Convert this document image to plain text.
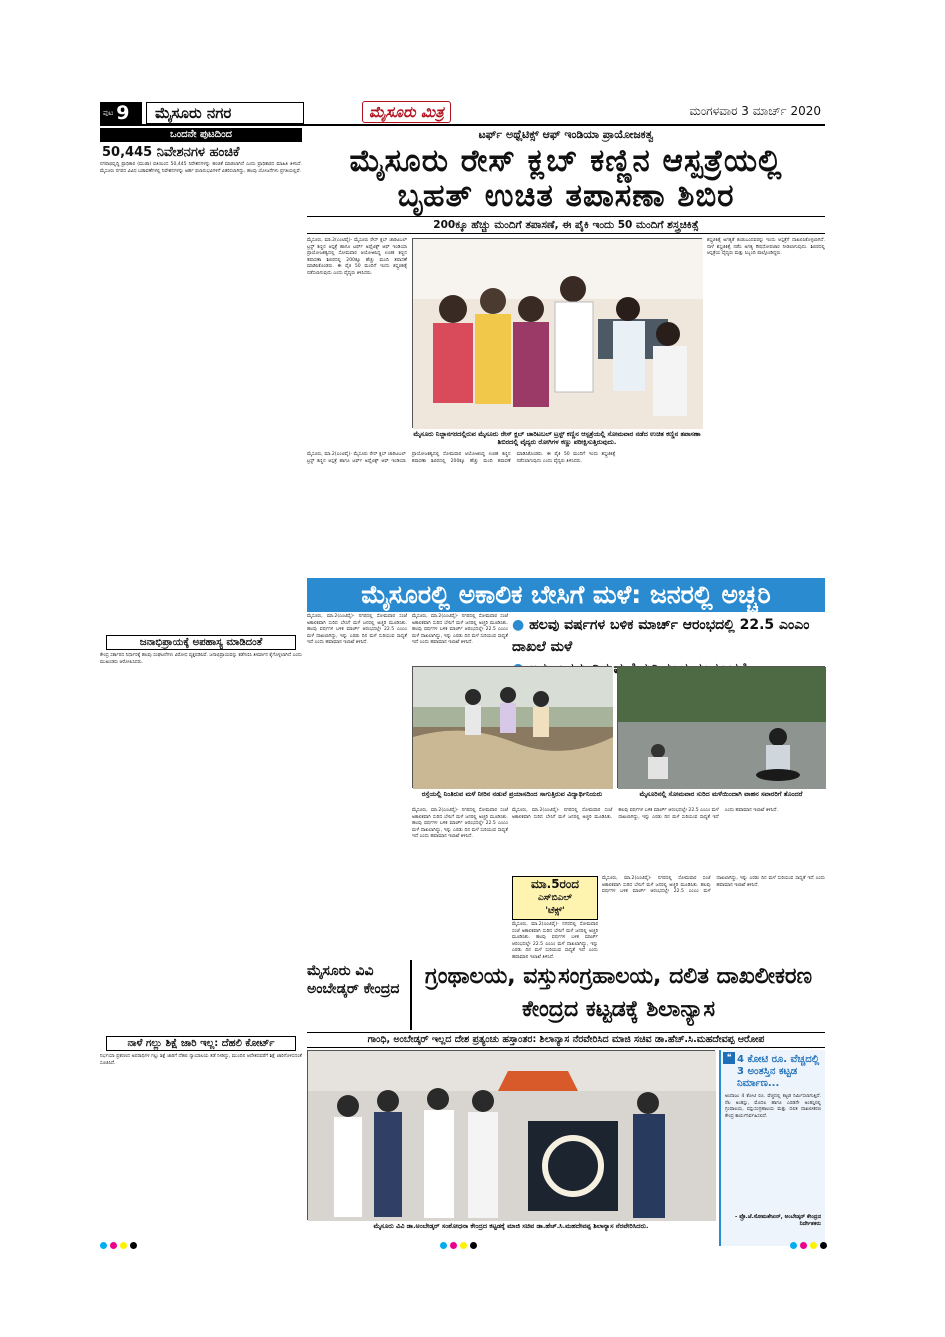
ಪುಟ 9	ಮೈಸೂರು ನಗರ	ಮೈಸೂರು ಮಿತ್ರ	ಮಂಗಳವಾರ 3 ಮಾರ್ಚ್ 2020
ಒಂದನೇ ಪುಟದಿಂದ
50,445 ನಿವೇಶನಗಳ ಹಂಚಿಕೆ

ನಗರಾಭಿವೃದ್ಧಿ ಪ್ರಾಧಿಕಾರ (ಮುಡಾ) ವತಿಯಿಂದ 50,445 ನಿವೇಶನಗಳನ್ನು ಹಂಚಿಕೆ ಮಾಡಲಾಗಿದೆ ಎಂದು ಪ್ರಾಧಿಕಾರದ ಮಾಹಿತಿ ತಿಳಿಸಿದೆ. ಮೈಸೂರು ನಗರದ ವಿವಿಧ ಬಡಾವಣೆಗಳಲ್ಲಿ ನಿವೇಶನಗಳನ್ನು ಅರ್ಹ ಫಲಾನುಭವಿಗಳಿಗೆ ವಿತರಿಸಲಾಗಿದ್ದು, ಹಲವು ಯೋಜನೆಗಳು ಪ್ರಗತಿಯಲ್ಲಿವೆ.

ಜನಾಭಿಪ್ರಾಯಕ್ಕೆ ಅಪಹಾಸ್ಯ ಮಾಡಿದಂತೆ

ಕೇಂದ್ರ ಸರ್ಕಾರದ ನಿರ್ಧಾರಕ್ಕೆ ಹಲವು ಸಂಘಟನೆಗಳು ವಿರೋಧ ವ್ಯಕ್ತಪಡಿಸಿವೆ. ಜನಾಭಿಪ್ರಾಯವನ್ನು ಕಡೆಗಣಿಸಿ ತೀರ್ಮಾನ ಕೈಗೊಳ್ಳಲಾಗಿದೆ ಎಂದು ಮುಖಂಡರು ಆರೋಪಿಸಿದರು.

ನಾಳೆ ಗಲ್ಲು ಶಿಕ್ಷೆ ಜಾರಿ ಇಲ್ಲ: ದೆಹಲಿ ಕೋರ್ಟ್

ನಿರ್ಭಯಾ ಪ್ರಕರಣದ ಅಪರಾಧಿಗಳ ಗಲ್ಲು ಶಿಕ್ಷೆ ಜಾರಿಗೆ ದೆಹಲಿ ನ್ಯಾಯಾಲಯ ತಡೆ ನೀಡಿದ್ದು, ಮುಂದಿನ ಆದೇಶದವರೆಗೆ ಶಿಕ್ಷೆ ಜಾರಿಗೊಳಿಸದಂತೆ ಸೂಚಿಸಿದೆ.

ಟರ್ಫ್ ಅಥ್ಲೆಟಿಕ್ಸ್ ಆಫ್ ಇಂಡಿಯಾ ಪ್ರಾಯೋಜಕತ್ವ
ಮೈಸೂರು ರೇಸ್ ಕ್ಲಬ್ ಕಣ್ಣಿನ ಆಸ್ಪತ್ರೆಯಲ್ಲಿ ಬೃಹತ್ ಉಚಿತ ತಪಾಸಣಾ ಶಿಬಿರ
200ಕ್ಕೂ ಹೆಚ್ಚು ಮಂದಿಗೆ ತಪಾಸಣೆ, ಈ ಪೈಕಿ ಇಂದು 50 ಮಂದಿಗೆ ಶಸ್ತ್ರಚಿಕಿತ್ಸೆ

ಮೈಸೂರು, ಮಾ.2(ಎಂಟಿವೈ)- ಮೈಸೂರು ರೇಸ್ ಕ್ಲಬ್ ಚಾರಿಟಬಲ್ ಟ್ರಸ್ಟ್ ಕಣ್ಣಿನ ಆಸ್ಪತ್ರೆ ಹಾಗೂ ಟರ್ಫ್ ಅಥ್ಲೆಟಿಕ್ಸ್ ಆಫ್ ಇಂಡಿಯಾ ಪ್ರಾಯೋಜಕತ್ವದಲ್ಲಿ ಸೋಮವಾರ ಆಯೋಜಿಸಿದ್ದ ಉಚಿತ ಕಣ್ಣಿನ ತಪಾಸಣಾ ಶಿಬಿರದಲ್ಲಿ 200ಕ್ಕೂ ಹೆಚ್ಚು ಮಂದಿ ತಪಾಸಣೆ ಮಾಡಿಸಿಕೊಂಡರು. ಈ ಪೈಕಿ 50 ಮಂದಿಗೆ ಇಂದು ಶಸ್ತ್ರಚಿಕಿತ್ಸೆ ನಡೆಸಲಾಗುವುದು ಎಂದು ವೈದ್ಯರು ತಿಳಿಸಿದರು.

ಮೈಸೂರು ನಿಜ್ಜಾನಗರದಲ್ಲಿರುವ ಮೈಸೂರು ರೇಸ್ ಕ್ಲಬ್ ಚಾರಿಟಬಲ್ ಟ್ರಸ್ಟ್ ಕಣ್ಣಿನ ಆಸ್ಪತ್ರೆಯಲ್ಲಿ ಸೋಮವಾರ ನಡೆದ ಉಚಿತ ಕಣ್ಣಿನ ತಪಾಸಣಾ ಶಿಬಿರದಲ್ಲಿ ವೈದ್ಯರು ರೋಗಿಗಳ ಕಣ್ಣು ಪರೀಕ್ಷಿಸುತ್ತಿರುವುದು.

ಶಸ್ತ್ರಚಿಕಿತ್ಸೆ ಅಗತ್ಯತೆ ಕಂಡುಬಂದವರನ್ನು ಇಂದು ಆಸ್ಪತ್ರೆಗೆ ದಾಖಲಿಸಿಕೊಳ್ಳಲಾಗಿದೆ. ನಾಳೆ ಶಸ್ತ್ರಚಿಕಿತ್ಸೆ ನಡೆಸಿ ಅಗತ್ಯ ಔಷಧೋಪಚಾರ ನೀಡಲಾಗುವುದು. ಶಿಬಿರದಲ್ಲಿ ಆಸ್ಪತ್ರೆಯ ವೈದ್ಯರು ಮತ್ತು ಸಿಬ್ಬಂದಿ ಪಾಲ್ಗೊಂಡಿದ್ದರು.

ಮೈಸೂರು, ಮಾ.2(ಎಂಟಿವೈ)- ಮೈಸೂರು ರೇಸ್ ಕ್ಲಬ್ ಚಾರಿಟಬಲ್ ಟ್ರಸ್ಟ್ ಕಣ್ಣಿನ ಆಸ್ಪತ್ರೆ ಹಾಗೂ ಟರ್ಫ್ ಅಥ್ಲೆಟಿಕ್ಸ್ ಆಫ್ ಇಂಡಿಯಾ ಪ್ರಾಯೋಜಕತ್ವದಲ್ಲಿ ಸೋಮವಾರ ಆಯೋಜಿಸಿದ್ದ ಉಚಿತ ಕಣ್ಣಿನ ತಪಾಸಣಾ ಶಿಬಿರದಲ್ಲಿ 200ಕ್ಕೂ ಹೆಚ್ಚು ಮಂದಿ ತಪಾಸಣೆ ಮಾಡಿಸಿಕೊಂಡರು. ಈ ಪೈಕಿ 50 ಮಂದಿಗೆ ಇಂದು ಶಸ್ತ್ರಚಿಕಿತ್ಸೆ ನಡೆಸಲಾಗುವುದು ಎಂದು ವೈದ್ಯರು ತಿಳಿಸಿದರು.

ಮೈಸೂರಲ್ಲಿ ಅಕಾಲಿಕ ಬೇಸಿಗೆ ಮಳೆ: ಜನರಲ್ಲಿ ಅಚ್ಚರಿ
● ಹಲವು ವರ್ಷಗಳ ಬಳಿಕ ಮಾರ್ಚ್ ಆರಂಭದಲ್ಲಿ 22.5 ಎಂಎಂ ದಾಖಲೆ ಮಳೆ

ಮೈಸೂರು, ಮಾ.2(ಎಂಟಿವೈ)- ನಗರದಲ್ಲಿ ಸೋಮವಾರ ಸಂಜೆ ಅಕಾಲಿಕವಾಗಿ ಸುರಿದ ಬೇಸಿಗೆ ಮಳೆ ಜನರಲ್ಲಿ ಅಚ್ಚರಿ ಮೂಡಿಸಿತು. ಹಲವು ವರ್ಷಗಳ ಬಳಿಕ ಮಾರ್ಚ್ ಆರಂಭದಲ್ಲೇ 22.5 ಎಂಎಂ ಮಳೆ ದಾಖಲಾಗಿದ್ದು, ಇನ್ನು ಎರಡು ದಿನ ಮಳೆ ಸುರಿಯುವ ಸಾಧ್ಯತೆ ಇದೆ ಎಂದು ಹವಾಮಾನ ಇಲಾಖೆ ತಿಳಿಸಿದೆ.

ಮೈಸೂರು, ಮಾ.2(ಎಂಟಿವೈ)- ನಗರದಲ್ಲಿ ಸೋಮವಾರ ಸಂಜೆ ಅಕಾಲಿಕವಾಗಿ ಸುರಿದ ಬೇಸಿಗೆ ಮಳೆ ಜನರಲ್ಲಿ ಅಚ್ಚರಿ ಮೂಡಿಸಿತು. ಹಲವು ವರ್ಷಗಳ ಬಳಿಕ ಮಾರ್ಚ್ ಆರಂಭದಲ್ಲೇ 22.5 ಎಂಎಂ ಮಳೆ ದಾಖಲಾಗಿದ್ದು, ಇನ್ನು ಎರಡು ದಿನ ಮಳೆ ಸುರಿಯುವ ಸಾಧ್ಯತೆ ಇದೆ ಎಂದು ಹವಾಮಾನ ಇಲಾಖೆ ತಿಳಿಸಿದೆ.

ರಸ್ತೆಯಲ್ಲಿ ನಿಂತಿರುವ ಮಳೆ ನೀರಿನ ನಡುವೆ ಪ್ರಯಾಸದಿಂದ ಸಾಗುತ್ತಿರುವ ವಿದ್ಯಾರ್ಥಿನಿಯರು	ಮೈಸೂರಿನಲ್ಲಿ ಸೋಮವಾರ ಸುರಿದ ಮಳೆಯಿಂದಾಗಿ ವಾಹನ ಸವಾರರಿಗೆ ತೊಂದರೆ

ಮೈಸೂರು, ಮಾ.2(ಎಂಟಿವೈ)- ನಗರದಲ್ಲಿ ಸೋಮವಾರ ಸಂಜೆ ಅಕಾಲಿಕವಾಗಿ ಸುರಿದ ಬೇಸಿಗೆ ಮಳೆ ಜನರಲ್ಲಿ ಅಚ್ಚರಿ ಮೂಡಿಸಿತು. ಹಲವು ವರ್ಷಗಳ ಬಳಿಕ ಮಾರ್ಚ್ ಆರಂಭದಲ್ಲೇ 22.5 ಎಂಎಂ ಮಳೆ ದಾಖಲಾಗಿದ್ದು, ಇನ್ನು ಎರಡು ದಿನ ಮಳೆ ಸುರಿಯುವ ಸಾಧ್ಯತೆ ಇದೆ ಎಂದು ಹವಾಮಾನ ಇಲಾಖೆ ತಿಳಿಸಿದೆ.

ಮೈಸೂರು, ಮಾ.2(ಎಂಟಿವೈ)- ನಗರದಲ್ಲಿ ಸೋಮವಾರ ಸಂಜೆ ಅಕಾಲಿಕವಾಗಿ ಸುರಿದ ಬೇಸಿಗೆ ಮಳೆ ಜನರಲ್ಲಿ ಅಚ್ಚರಿ ಮೂಡಿಸಿತು. ಹಲವು ವರ್ಷಗಳ ಬಳಿಕ ಮಾರ್ಚ್ ಆರಂಭದಲ್ಲೇ 22.5 ಎಂಎಂ ಮಳೆ ದಾಖಲಾಗಿದ್ದು, ಇನ್ನು ಎರಡು ದಿನ ಮಳೆ ಸುರಿಯುವ ಸಾಧ್ಯತೆ ಇದೆ ಎಂದು ಹವಾಮಾನ ಇಲಾಖೆ ತಿಳಿಸಿದೆ.

ಮಾ.5ರಂದ
ಎಸ್‌ಬಿಎಲ್
'ಟೆಕ್ಸ್'

ಮೈಸೂರು, ಮಾ.2(ಎಂಟಿವೈ)- ನಗರದಲ್ಲಿ ಸೋಮವಾರ ಸಂಜೆ ಅಕಾಲಿಕವಾಗಿ ಸುರಿದ ಬೇಸಿಗೆ ಮಳೆ ಜನರಲ್ಲಿ ಅಚ್ಚರಿ ಮೂಡಿಸಿತು. ಹಲವು ವರ್ಷಗಳ ಬಳಿಕ ಮಾರ್ಚ್ ಆರಂಭದಲ್ಲೇ 22.5 ಎಂಎಂ ಮಳೆ ದಾಖಲಾಗಿದ್ದು, ಇನ್ನು ಎರಡು ದಿನ ಮಳೆ ಸುರಿಯುವ ಸಾಧ್ಯತೆ ಇದೆ ಎಂದು ಹವಾಮಾನ ಇಲಾಖೆ ತಿಳಿಸಿದೆ.

ಮೈಸೂರು, ಮಾ.2(ಎಂಟಿವೈ)- ನಗರದಲ್ಲಿ ಸೋಮವಾರ ಸಂಜೆ ಅಕಾಲಿಕವಾಗಿ ಸುರಿದ ಬೇಸಿಗೆ ಮಳೆ ಜನರಲ್ಲಿ ಅಚ್ಚರಿ ಮೂಡಿಸಿತು. ಹಲವು ವರ್ಷಗಳ ಬಳಿಕ ಮಾರ್ಚ್ ಆರಂಭದಲ್ಲೇ 22.5 ಎಂಎಂ ಮಳೆ ದಾಖಲಾಗಿದ್ದು, ಇನ್ನು ಎರಡು ದಿನ ಮಳೆ ಸುರಿಯುವ ಸಾಧ್ಯತೆ ಇದೆ ಎಂದು ಹವಾಮಾನ ಇಲಾಖೆ ತಿಳಿಸಿದೆ.

ಮೈಸೂರು ವಿವಿ ಅಂಬೇಡ್ಕರ್ ಕೇಂದ್ರದ	ಗ್ರಂಥಾಲಯ, ವಸ್ತುಸಂಗ್ರಹಾಲಯ, ದಲಿತ ದಾಖಲೀಕರಣ ಕೇಂದ್ರದ ಕಟ್ಟಡಕ್ಕೆ ಶಿಲಾನ್ಯಾಸ
ಗಾಂಧಿ, ಅಂಬೇಡ್ಕರ್ ಇಲ್ಲದ ದೇಶ ಪ್ರತ್ಯಂಚು ಹಸ್ತಾಂತರ: ಶಿಲಾನ್ಯಾಸ ನೆರವೇರಿಸಿದ ಮಾಜಿ ಸಚಿವ ಡಾ.ಹೆಚ್.ಸಿ.ಮಹದೇವಪ್ಪ ಆರೋಪ
ಮೈಸೂರು ವಿವಿ ಡಾ.ಅಂಬೇಡ್ಕರ್ ಸಂಶೋಧನಾ ಕೇಂದ್ರದ ಕಟ್ಟಡಕ್ಕೆ ಮಾಜಿ ಸಚಿವ ಡಾ.ಹೆಚ್.ಸಿ.ಮಹದೇವಪ್ಪ ಶಿಲಾನ್ಯಾಸ ನೆರವೇರಿಸಿದರು.
❝ 4 ಕೋಟಿ ರೂ. ವೆಚ್ಚದಲ್ಲಿ 3 ಅಂತಸ್ತಿನ ಕಟ್ಟಡ ನಿರ್ಮಾಣ...
ಅಂದಾಜು 4 ಕೋಟಿ ರೂ. ವೆಚ್ಚದಲ್ಲಿ ಕಟ್ಟಡ ನಿರ್ಮಿಸಲಾಗುತ್ತಿದೆ. ನೆಲ ಅಂತಸ್ತು, ಮೊದಲ ಹಾಗೂ ಎರಡನೇ ಅಂತಸ್ತಿನಲ್ಲಿ ಗ್ರಂಥಾಲಯ, ವಸ್ತುಸಂಗ್ರಹಾಲಯ ಮತ್ತು ದಲಿತ ದಾಖಲೀಕರಣ ಕೇಂದ್ರ ಕಾರ್ಯನಿರ್ವಹಿಸಲಿದೆ.
- ಪ್ರೊ.ಜೆ.ಸೋಮಶೇಖರ್, ಅಂಬೇಡ್ಕರ್ ಕೇಂದ್ರದ ನಿರ್ದೇಶಕರು
